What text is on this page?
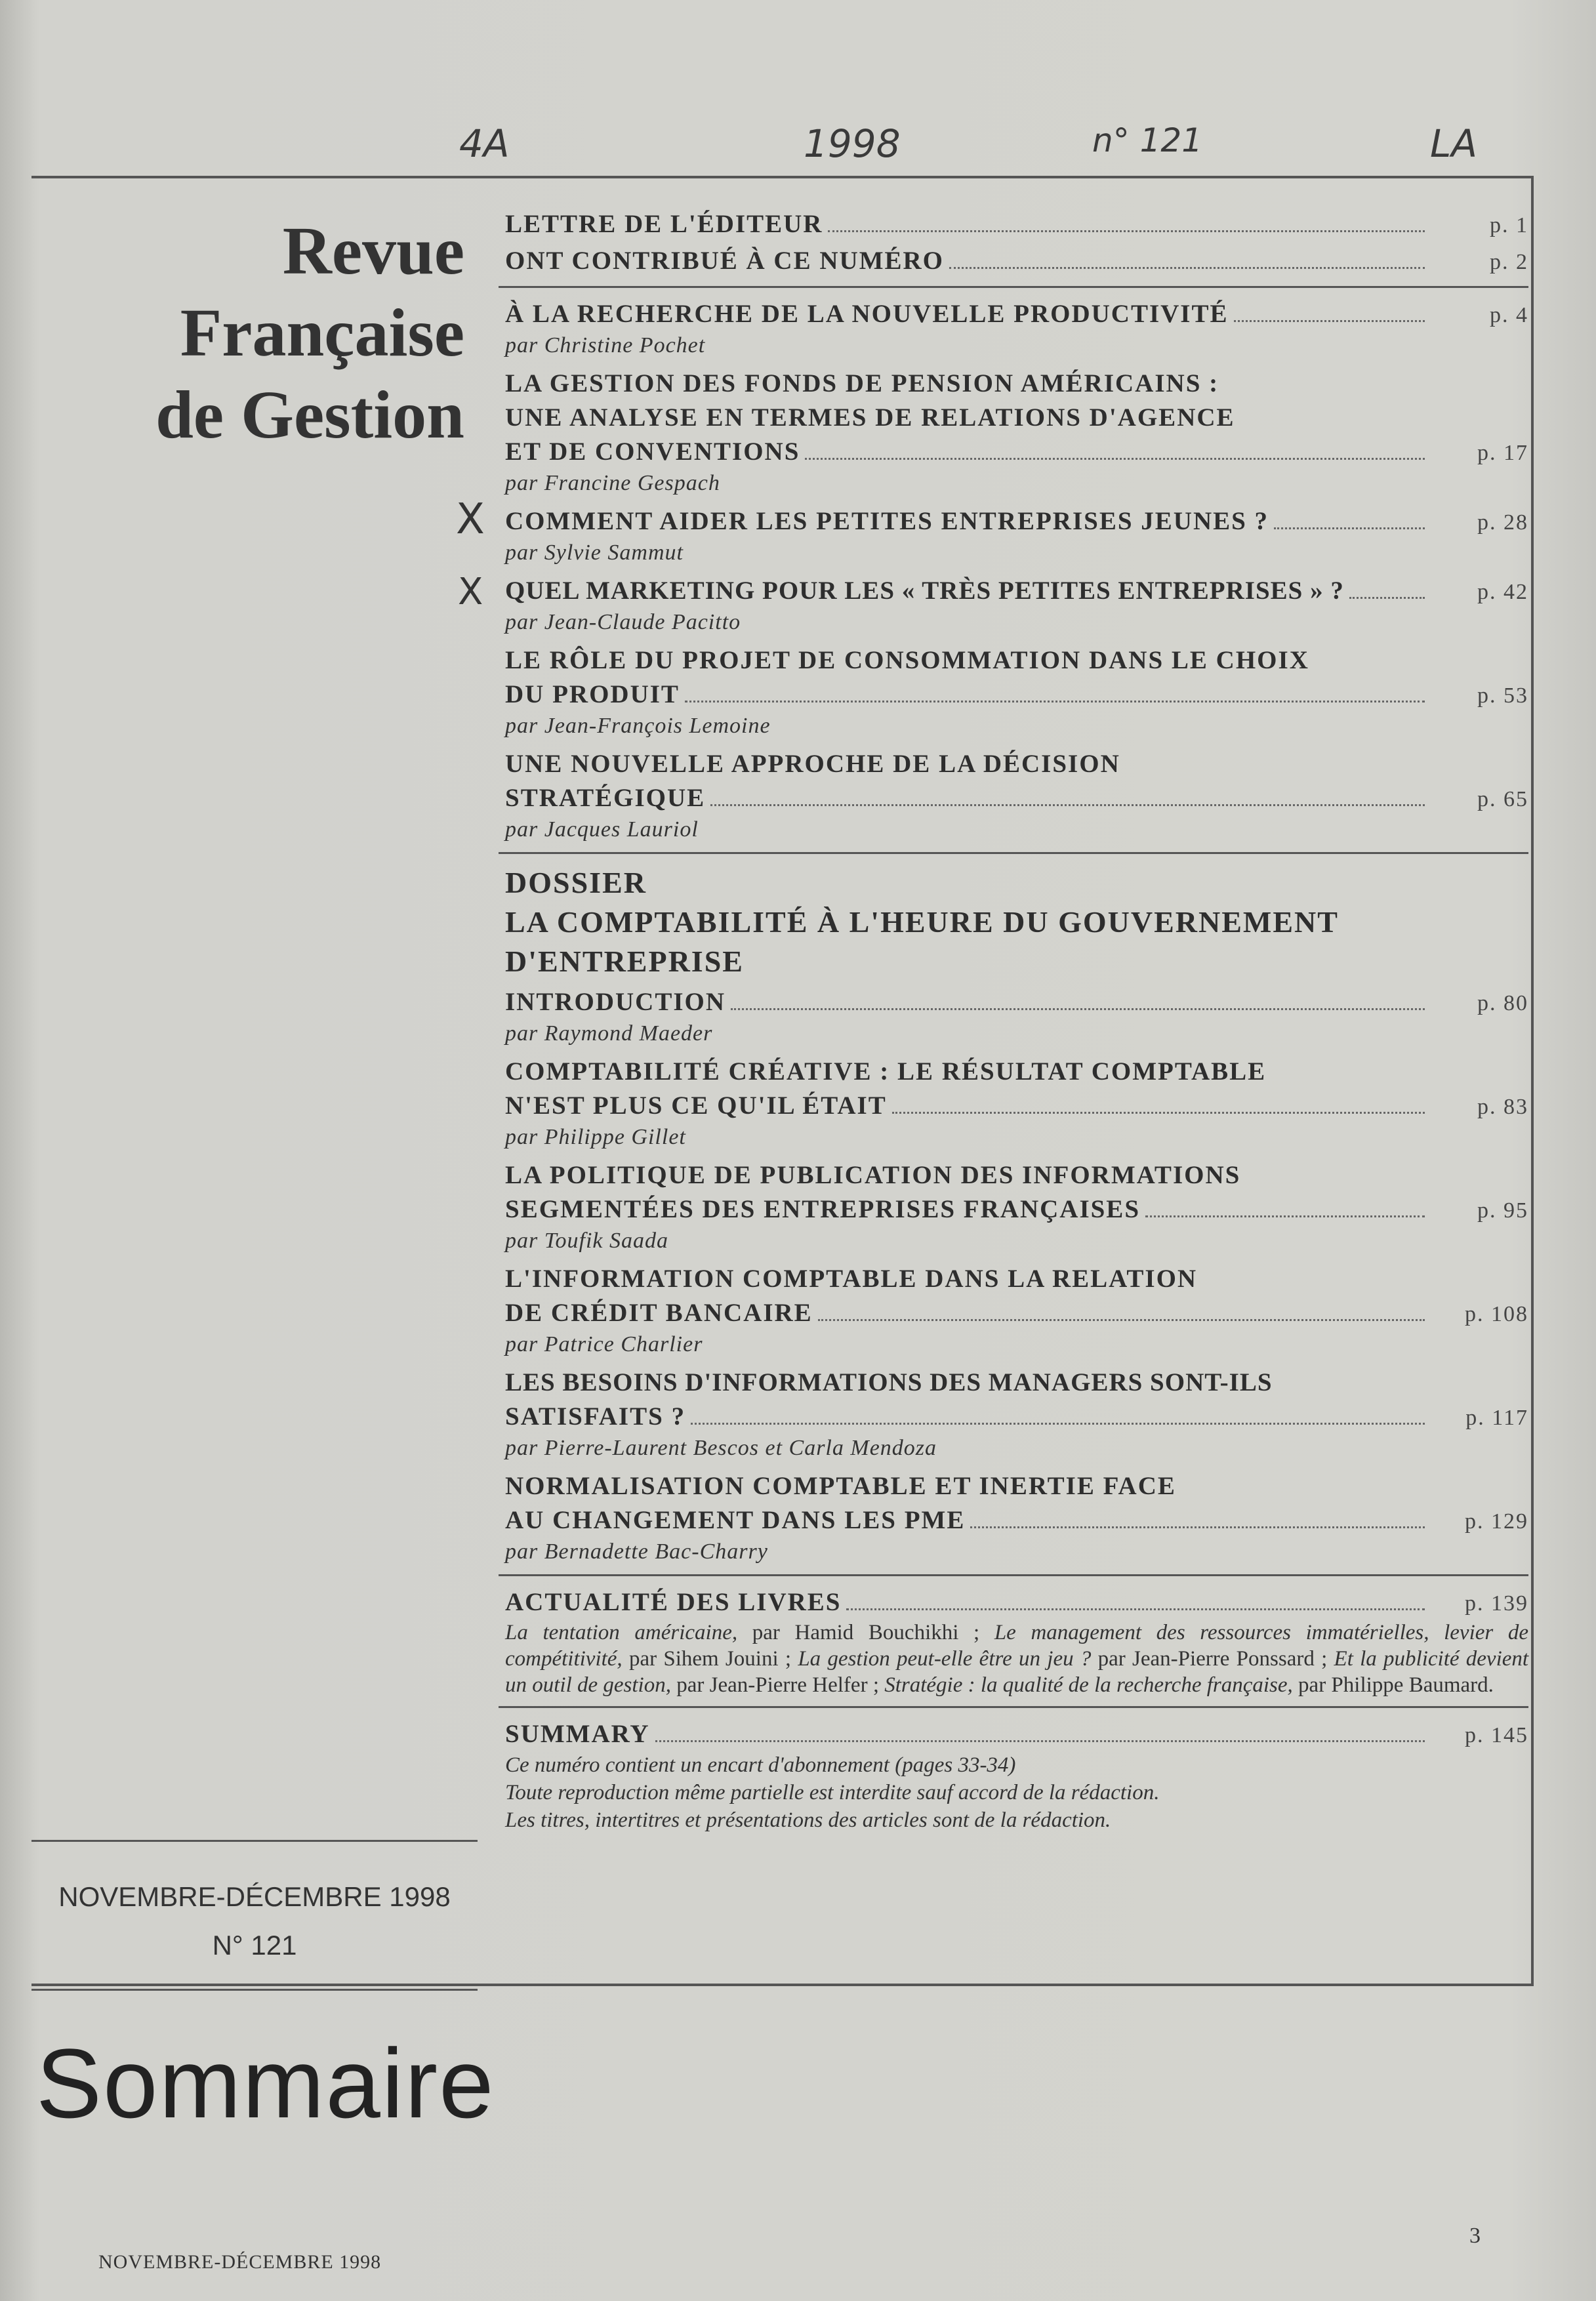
4A	1998	n° 121	LA
Revue
Française
de Gestion
X
X
LETTRE DE L'ÉDITEUR	p. 1
ONT CONTRIBUÉ À CE NUMÉRO	p. 2
À LA RECHERCHE DE LA NOUVELLE PRODUCTIVITÉ	p. 4
par Christine Pochet
LA GESTION DES FONDS DE PENSION AMÉRICAINS :
UNE ANALYSE EN TERMES DE RELATIONS D'AGENCE
ET DE CONVENTIONS	p. 17
par Francine Gespach
COMMENT AIDER LES PETITES ENTREPRISES JEUNES ?	p. 28
par Sylvie Sammut
QUEL MARKETING POUR LES « TRÈS PETITES ENTREPRISES » ?	p. 42
par Jean-Claude Pacitto
LE RÔLE DU PROJET DE CONSOMMATION DANS LE CHOIX
DU PRODUIT	p. 53
par Jean-François Lemoine
UNE NOUVELLE APPROCHE DE LA DÉCISION
STRATÉGIQUE	p. 65
par Jacques Lauriol
DOSSIER
LA COMPTABILITÉ À L'HEURE DU GOUVERNEMENT
D'ENTREPRISE
INTRODUCTION	p. 80
par Raymond Maeder
COMPTABILITÉ CRÉATIVE : LE RÉSULTAT COMPTABLE
N'EST PLUS CE QU'IL ÉTAIT	p. 83
par Philippe Gillet
LA POLITIQUE DE PUBLICATION DES INFORMATIONS
SEGMENTÉES DES ENTREPRISES FRANÇAISES	p. 95
par Toufik Saada
L'INFORMATION COMPTABLE DANS LA RELATION
DE CRÉDIT BANCAIRE	p. 108
par Patrice Charlier
LES BESOINS D'INFORMATIONS DES MANAGERS SONT-ILS
SATISFAITS ?	p. 117
par Pierre-Laurent Bescos et Carla Mendoza
NORMALISATION COMPTABLE ET INERTIE FACE
AU CHANGEMENT DANS LES PME	p. 129
par Bernadette Bac-Charry
ACTUALITÉ DES LIVRES	p. 139
La tentation américaine, par Hamid Bouchikhi ; Le management des ressources immatérielles, levier de compétitivité, par Sihem Jouini ; La gestion peut-elle être un jeu ? par Jean-Pierre Ponssard ; Et la publicité devient un outil de gestion, par Jean-Pierre Helfer ; Stratégie : la qualité de la recherche française, par Philippe Baumard.
SUMMARY	p. 145
Ce numéro contient un encart d'abonnement (pages 33-34)
Toute reproduction même partielle est interdite sauf accord de la rédaction.
Les titres, intertitres et présentations des articles sont de la rédaction.
NOVEMBRE-DÉCEMBRE 1998
N° 121
Sommaire
NOVEMBRE-DÉCEMBRE 1998
3
